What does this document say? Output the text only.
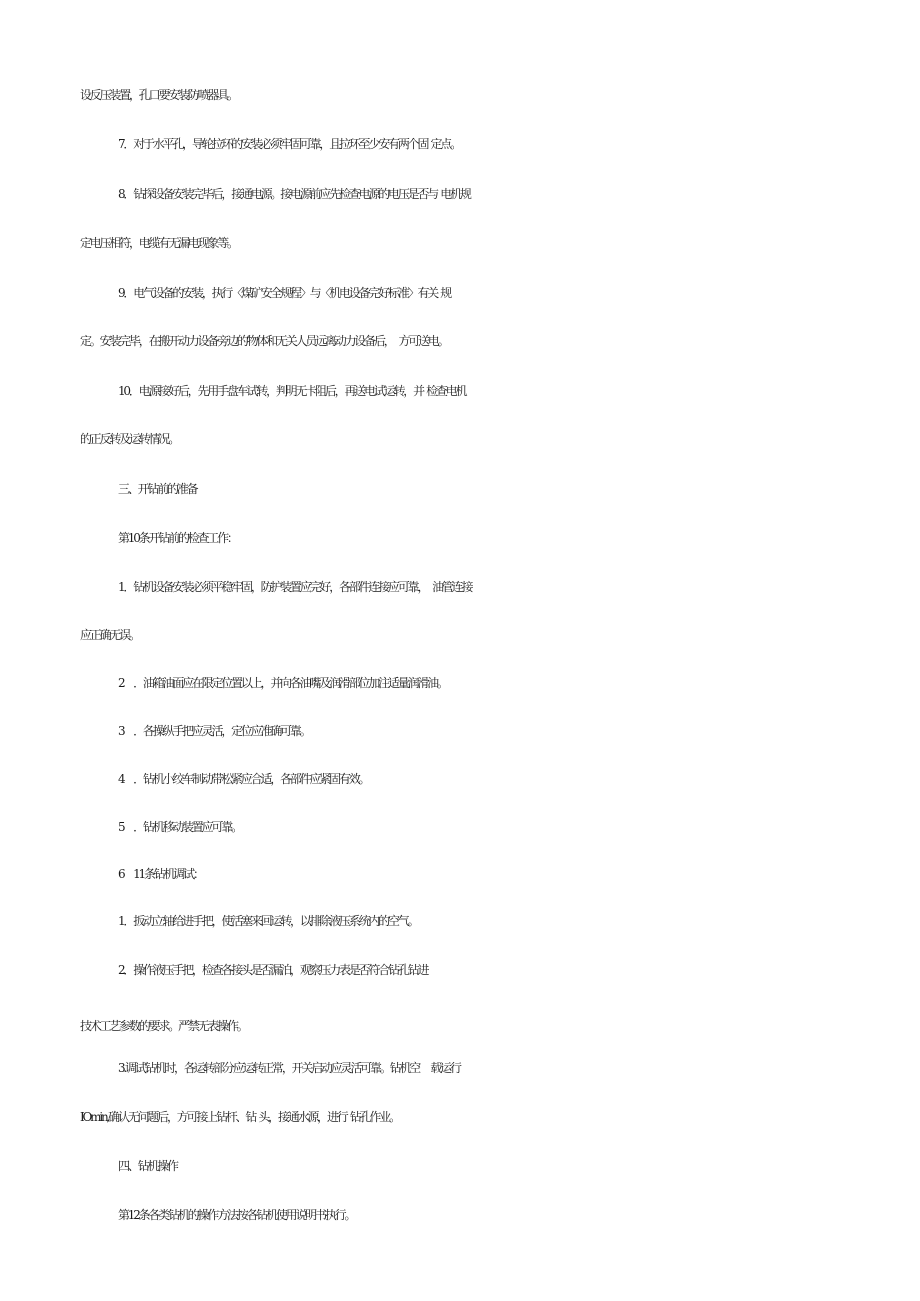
设反压装置，孔口要安装防喷器具。
7．对于水平孔，导轮拉环的安装必须牢固可靠，且拉环至少安有两个固  定点。
8．钻探设备安装完毕后，接通电源。接电源前应先检查电源的电压是否与  电机规
定电压相符，电缆有无漏电现象等。
9．电气设备的安装，执行〈煤矿安全规程〉与〈机电设备完好标准〉有关  规
定。安装完毕，在搬开动力设备旁边的物体和无关人员远离动力设备后，   方可送电。
10．电源接好后，先用手盘车试转，判明无卡阻后，再送电试运转，并  检查电机
的正反转及运转情况。
三、开钻前的准备
第10条开钻前的检查工作：
1．钻机设备安装必须平稳牢固，防护装置应完好，各部件连接应可靠，   油管连接
应正确无误。
2      ．油箱油面应在限定位置以上，并向各油嘴及润滑部位加注适量润滑油。
3      ．各操纵手把应灵活，定位应准确可靠。
4      ．钻机小绞车制动带松紧应合适，各部件应紧固有效。
5      ．钻机移动装置应可靠。
6      11条钻机调试：
1．扳动立轴给进手把，使活塞来回运转，以排除液压系统内的空气。
2．操作液压手把，检查各接头是否漏泊，观察压力表是否符合钻孔钻进
技术工艺参数的要求。严禁无表操作。
3.调试钻机时，各运转部分应运转正常，开关启动应灵活可靠。钻机空       载运行
IOmin,确认无问题后，方可接上钻杆、钻  头，接通水源，进行  钻孔作业。
四、钻机操作
第12条各类钻机的操作方法按各钻机使用说明书执行。
